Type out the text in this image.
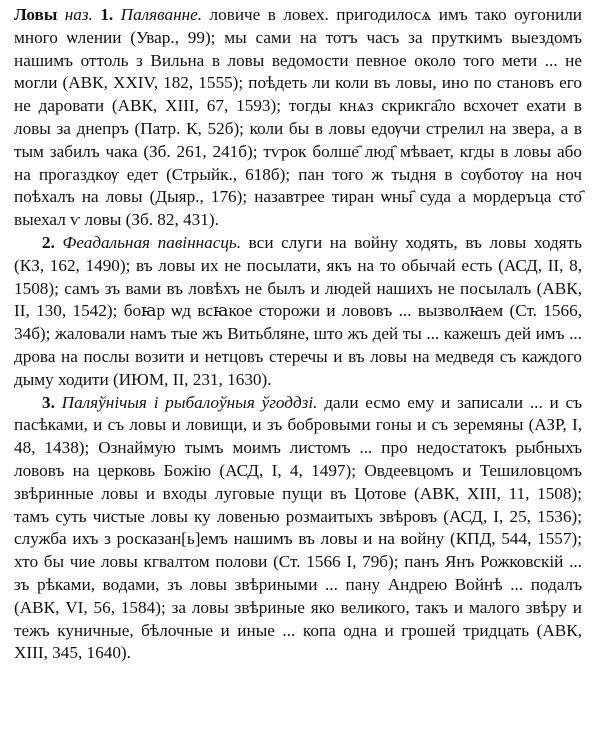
Ловы наз. 1. Паляванне. ловиче в ловех. пригодилосѧ имъ тако оугонили много ѡлении (Увар., 99); мы сами на тотъ часъ за пруткимъ выездомъ нашимъ оттоль з Вильна в ловы ведомости певное около того мети ... не могли (АВК, XXIV, 182, 1555); поѣдеть ли коли въ ловы, ино по становъ его не даровати (АВК, XIII, 67, 1593); тогды кнѧз скрикга҄ло всхочет ехати в ловы за днепръ (Патр. К, 52б); коли бы в ловы едѹчи стрелил на звера, а в тым забилъ чака (Зб. 261, 241б); тѵрок болше҄ люд҄ мѣвает, кгды в ловы або на прогаздкѹ едет (Стрыйк., 618б); пан того ж тыдня в сѹботѹ на ноч поѣхалъ на ловы (Дыяр., 176); назавтрее тиран ѡны҄ суда а мордеръца сто҄ выехал ѵ ловы (Зб. 82, 431).

2. Феадальная павіннасць. вси слуги на войну ходять, въ ловы ходять (КЗ, 162, 1490); въ ловы их не посылати, якъ на то обычай есть (АСД, II, 8, 1508); самъ зъ вами въ ловѣхъ не былъ и людей нашихъ не посылалъ (АВК, II, 130, 1542); боꙗр ѡд всꙗкое сторожи и лововъ ... вызволꙗем (Ст. 1566, 34б); жаловали намъ тые жъ Витьбляне, што жъ дей ты ... кажешъ дей имъ ... дрова на послы возити и нетцовъ стеречы и въ ловы на медведя съ каждого дыму ходити (ИЮМ, II, 231, 1630).

3. Паляўнічыя і рыбалоўныя ўгоддзі. дали есмо ему и записали ... и съ пасѣками, и съ ловы и ловищи, и зъ бобровыми гоны и съ зеремяны (АЗР, I, 48, 1438); Ознаймую тымъ моимъ листомъ ... про недостатокъ рыбныхъ лововъ на церковь Божію (АСД, I, 4, 1497); Овдеевцомъ и Тешиловцомъ звѣринные ловы и входы луговые пущи въ Цотове (АВК, XIII, 11, 1508); тамъ суть чистые ловы ку ловенью розмаитыхъ звѣровъ (АСД, I, 25, 1536); служба ихъ з росказан[ь]емъ нашимъ въ ловы и на войну (КПД, 544, 1557); хто бы чие ловы кгвалтом полови (Ст. 1566 I, 79б); панъ Янъ Рожковскій ... зъ рѣками, водами, зъ ловы звѣриными ... пану Андрею Войнѣ ... подалъ (АВК, VI, 56, 1584); за ловы звѣриные яко великого, такъ и малого звѣру и тежъ куничные, бѣлочные и иные ... копа одна и грошей тридцать (АВК, XIII, 345, 1640).
